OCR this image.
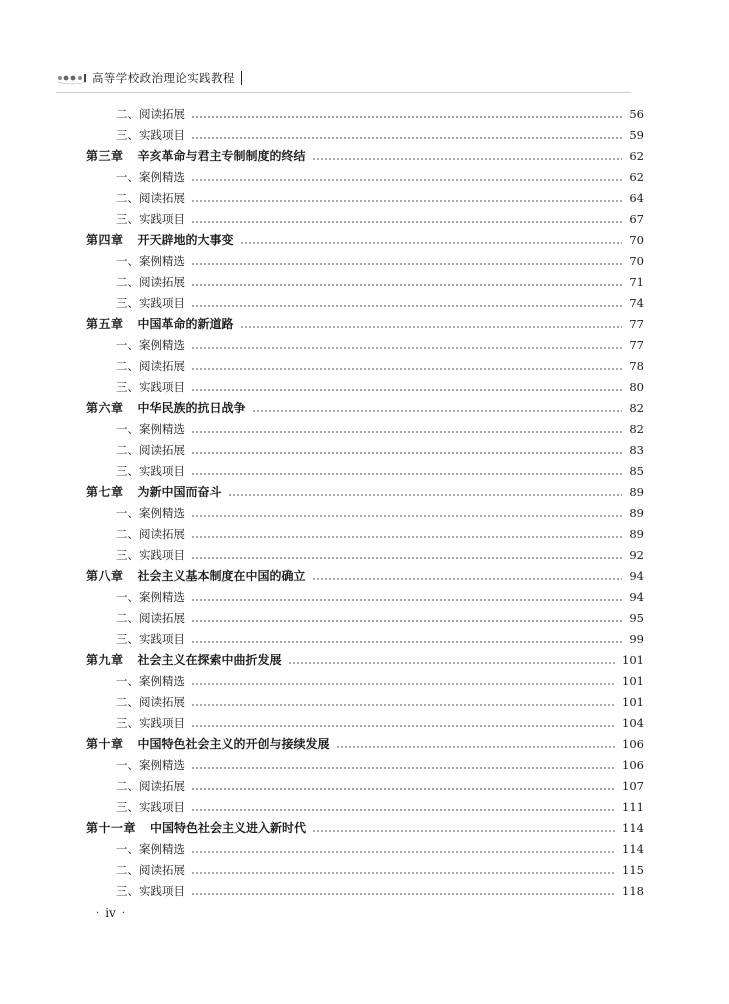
高等学校政治理论实践教程
二、阅读拓展	56
三、实践项目	59
第三章 辛亥革命与君主专制制度的终结	62
一、案例精选	62
二、阅读拓展	64
三、实践项目	67
第四章 开天辟地的大事变	70
一、案例精选	70
二、阅读拓展	71
三、实践项目	74
第五章 中国革命的新道路	77
一、案例精选	77
二、阅读拓展	78
三、实践项目	80
第六章 中华民族的抗日战争	82
一、案例精选	82
二、阅读拓展	83
三、实践项目	85
第七章 为新中国而奋斗	89
一、案例精选	89
二、阅读拓展	89
三、实践项目	92
第八章 社会主义基本制度在中国的确立	94
一、案例精选	94
二、阅读拓展	95
三、实践项目	99
第九章 社会主义在探索中曲折发展	101
一、案例精选	101
二、阅读拓展	101
三、实践项目	104
第十章 中国特色社会主义的开创与接续发展	106
一、案例精选	106
二、阅读拓展	107
三、实践项目	111
第十一章 中国特色社会主义进入新时代	114
一、案例精选	114
二、阅读拓展	115
三、实践项目	118
· iv ·
